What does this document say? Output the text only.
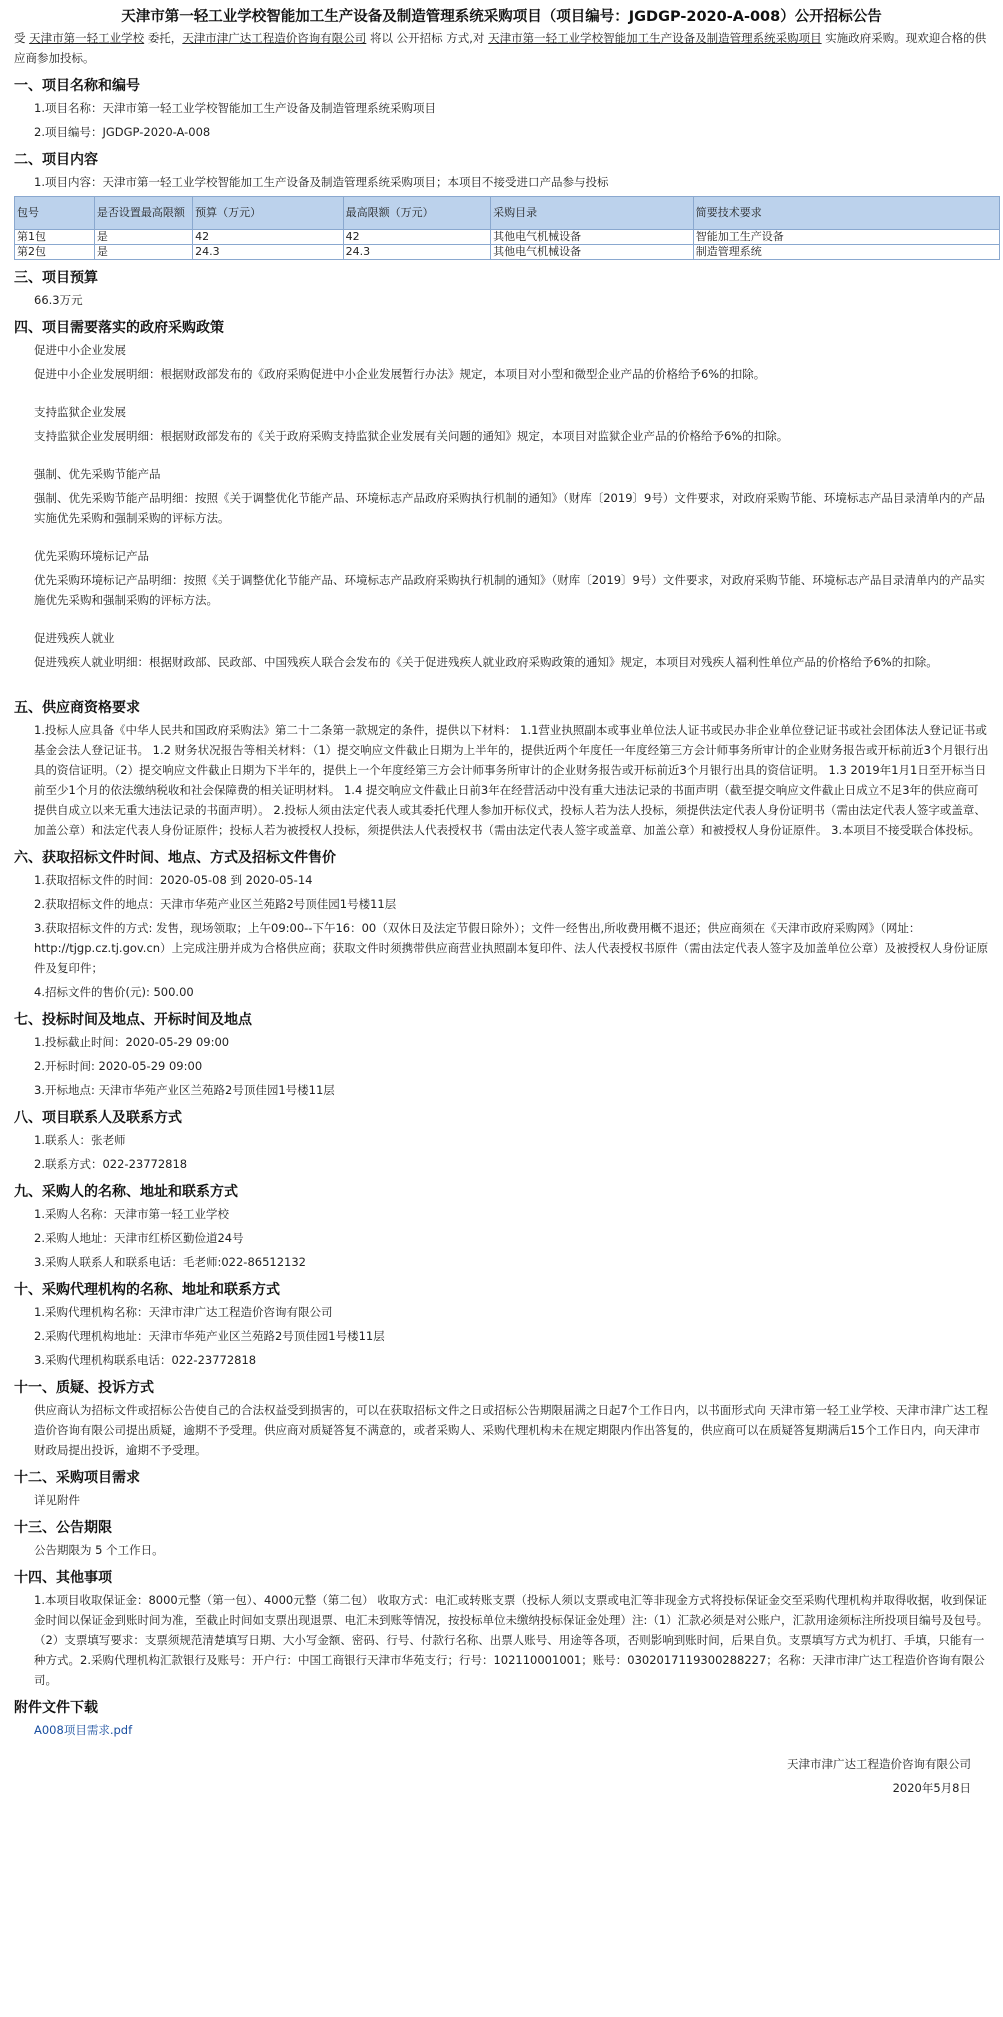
天津市第一轻工业学校智能加工生产设备及制造管理系统采购项目（项目编号：JGDGP-2020-A-008）公开招标公告

受 天津市第一轻工业学校 委托，天津市津广达工程造价咨询有限公司 将以 公开招标 方式,对 天津市第一轻工业学校智能加工生产设备及制造管理系统采购项目 实施政府采购。现欢迎合格的供应商参加投标。

一、项目名称和编号
1.项目名称：天津市第一轻工业学校智能加工生产设备及制造管理系统采购项目
2.项目编号：JGDGP-2020-A-008
二、项目内容
1.项目内容：天津市第一轻工业学校智能加工生产设备及制造管理系统采购项目；本项目不接受进口产品参与投标
包号	是否设置最高限额	预算（万元）	最高限额（万元）	采购目录	简要技术要求
第1包	是	42	42	其他电气机械设备	智能加工生产设备
第2包	是	24.3	24.3	其他电气机械设备	制造管理系统
三、项目预算
66.3万元
四、项目需要落实的政府采购政策
促进中小企业发展
促进中小企业发展明细：根据财政部发布的《政府采购促进中小企业发展暂行办法》规定，本项目对小型和微型企业产品的价格给予6%的扣除。
支持监狱企业发展
支持监狱企业发展明细：根据财政部发布的《关于政府采购支持监狱企业发展有关问题的通知》规定，本项目对监狱企业产品的价格给予6%的扣除。
强制、优先采购节能产品
强制、优先采购节能产品明细：按照《关于调整优化节能产品、环境标志产品政府采购执行机制的通知》（财库〔2019〕9号）文件要求，对政府采购节能、环境标志产品目录清单内的产品实施优先采购和强制采购的评标方法。
优先采购环境标记产品
优先采购环境标记产品明细：按照《关于调整优化节能产品、环境标志产品政府采购执行机制的通知》（财库〔2019〕9号）文件要求，对政府采购节能、环境标志产品目录清单内的产品实施优先采购和强制采购的评标方法。
促进残疾人就业
促进残疾人就业明细：根据财政部、民政部、中国残疾人联合会发布的《关于促进残疾人就业政府采购政策的通知》规定，本项目对残疾人福利性单位产品的价格给予6%的扣除。
五、供应商资格要求
1.投标人应具备《中华人民共和国政府采购法》第二十二条第一款规定的条件，提供以下材料： 1.1营业执照副本或事业单位法人证书或民办非企业单位登记证书或社会团体法人登记证书或基金会法人登记证书。 1.2 财务状况报告等相关材料：（1）提交响应文件截止日期为上半年的，提供近两个年度任一年度经第三方会计师事务所审计的企业财务报告或开标前近3个月银行出具的资信证明。（2）提交响应文件截止日期为下半年的，提供上一个年度经第三方会计师事务所审计的企业财务报告或开标前近3个月银行出具的资信证明。 1.3 2019年1月1日至开标当日前至少1个月的依法缴纳税收和社会保障费的相关证明材料。 1.4 提交响应文件截止日前3年在经营活动中没有重大违法记录的书面声明（截至提交响应文件截止日成立不足3年的供应商可提供自成立以来无重大违法记录的书面声明）。 2.投标人须由法定代表人或其委托代理人参加开标仪式，投标人若为法人投标，须提供法定代表人身份证明书（需由法定代表人签字或盖章、加盖公章）和法定代表人身份证原件；投标人若为被授权人投标，须提供法人代表授权书（需由法定代表人签字或盖章、加盖公章）和被授权人身份证原件。 3.本项目不接受联合体投标。
六、获取招标文件时间、地点、方式及招标文件售价
1.获取招标文件的时间：2020-05-08 到 2020-05-14
2.获取招标文件的地点：天津市华苑产业区兰苑路2号顶佳园1号楼11层
3.获取招标文件的方式: 发售，现场领取；上午09:00--下午16：00（双休日及法定节假日除外）；文件一经售出,所收费用概不退还；供应商须在《天津市政府采购网》（网址：http://tjgp.cz.tj.gov.cn）上完成注册并成为合格供应商；获取文件时须携带供应商营业执照副本复印件、法人代表授权书原件（需由法定代表人签字及加盖单位公章）及被授权人身份证原件及复印件；
4.招标文件的售价(元): 500.00
七、投标时间及地点、开标时间及地点
1.投标截止时间：2020-05-29 09:00
2.开标时间: 2020-05-29 09:00
3.开标地点: 天津市华苑产业区兰苑路2号顶佳园1号楼11层
八、项目联系人及联系方式
1.联系人：张老师
2.联系方式：022-23772818
九、采购人的名称、地址和联系方式
1.采购人名称：天津市第一轻工业学校
2.采购人地址：天津市红桥区勤俭道24号
3.采购人联系人和联系电话：毛老师:022-86512132
十、采购代理机构的名称、地址和联系方式
1.采购代理机构名称：天津市津广达工程造价咨询有限公司
2.采购代理机构地址：天津市华苑产业区兰苑路2号顶佳园1号楼11层
3.采购代理机构联系电话：022-23772818
十一、质疑、投诉方式
供应商认为招标文件或招标公告使自己的合法权益受到损害的，可以在获取招标文件之日或招标公告期限届满之日起7个工作日内，以书面形式向 天津市第一轻工业学校、天津市津广达工程造价咨询有限公司提出质疑，逾期不予受理。供应商对质疑答复不满意的，或者采购人、采购代理机构未在规定期限内作出答复的，供应商可以在质疑答复期满后15个工作日内，向天津市财政局提出投诉，逾期不予受理。
十二、采购项目需求
详见附件
十三、公告期限
公告期限为 5 个工作日。
十四、其他事项
1.本项目收取保证金：8000元整（第一包）、4000元整（第二包） 收取方式：电汇或转账支票（投标人须以支票或电汇等非现金方式将投标保证金交至采购代理机构并取得收据，收到保证金时间以保证金到账时间为准，至截止时间如支票出现退票、电汇未到账等情况，按投标单位未缴纳投标保证金处理）注:（1）汇款必须是对公账户，汇款用途须标注所投项目编号及包号。（2）支票填写要求：支票须规范清楚填写日期、大小写金额、密码、行号、付款行名称、出票人账号、用途等各项，否则影响到账时间，后果自负。支票填写方式为机打、手填，只能有一种方式。2.采购代理机构汇款银行及账号：开户行：中国工商银行天津市华苑支行；行号：102110001001；账号：0302017119300288227；名称：天津市津广达工程造价咨询有限公司。
附件文件下载
A008项目需求.pdf
天津市津广达工程造价咨询有限公司
2020年5月8日
